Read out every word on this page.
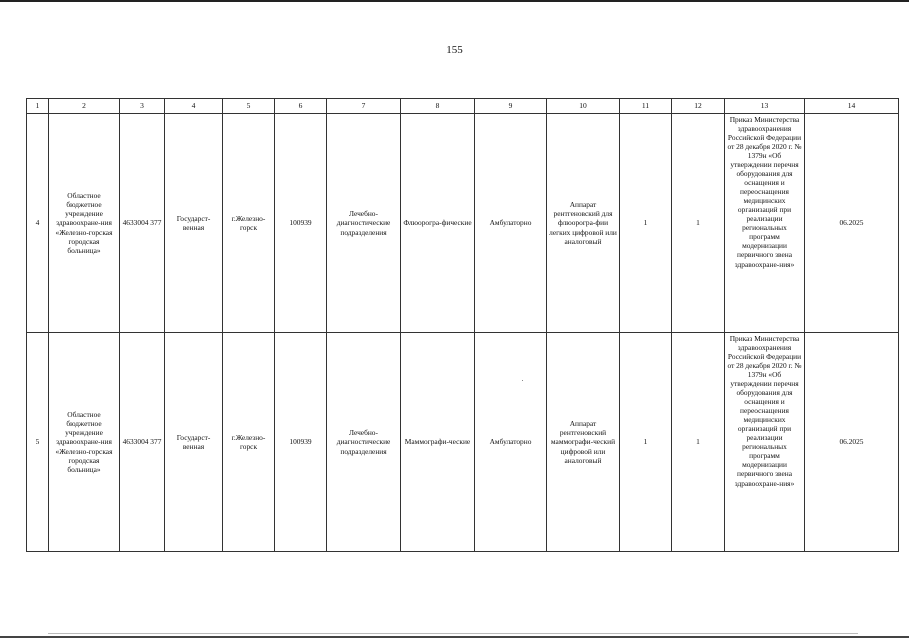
155
1	2	3	4	5	6	7	8	9	10	11	12	13	14
4	Областное бюджетное учреждение здравоохране-ния «Железно-горская городская больница»	4633004 377	Государст-венная	г.Железно-горск	100939	Лечебно-диагностические подразделения	Флюорогра-фические	Амбулаторно	Аппарат рентгеновский для флюорогра-фии легких цифровой или аналоговый	1	1	Приказ Министерства здравоохранения Российской Федерации от 28 декабря 2020 г. № 1379н «Об утверждении перечня оборудования для оснащения и переоснащения медицинских организаций при реализации региональных программ модернизации первичного звена здравоохране-ния»	06.2025
5	Областное бюджетное учреждение здравоохране-ния «Железно-горская городская больница»	4633004 377	Государст-венная	г.Железно-горск	100939	Лечебно-диагностические подразделения	Маммографи-ческие	Амбулаторно	Аппарат рентгеновский маммографи-ческий цифровой или аналоговый	1	1	Приказ Министерства здравоохранения Российской Федерации от 28 декабря 2020 г. № 1379н «Об утверждении перечня оборудования для оснащения и переоснащения медицинских организаций при реализации региональных программ модернизации первичного звена здравоохране-ния»	06.2025
